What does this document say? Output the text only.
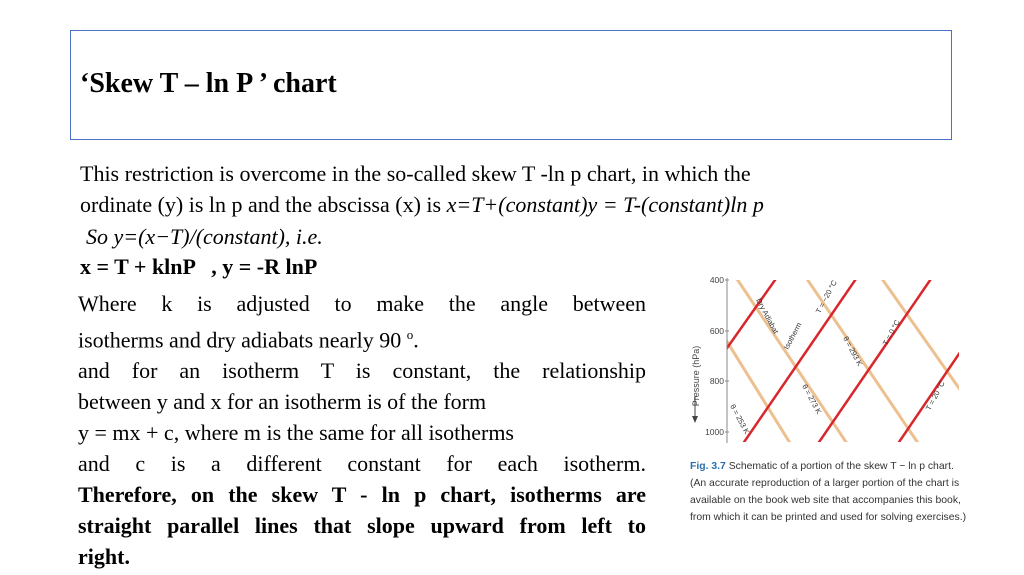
‘Skew T – ln P ’ chart

This restriction is overcome in the so-called skew T -ln p chart, in which the

ordinate (y) is ln p and the abscissa (x) is x=T+(constant)y = T-(constant)ln p

So y=(x−T)/(constant), i.e.

x = T + klnP   , y = -R lnP

Where k is adjusted to make the angle between
isotherms and dry adiabats nearly 90 $^o$.
and for an isotherm T is constant, the relationship
between y and x for an isotherm is of the form
y = mx + c, where m is the same for all isotherms
and c is a different constant for each isotherm.
Therefore, on the skew T - ln p chart, isotherms are
straight parallel lines that slope upward from left to
right.
400
600
800
1000
Pressure (hPa)
Dry Adiabat
Isotherm
T = −20 °C
T = 0 °C
T = 20 °C
θ = 293 K
θ = 273 K
θ = 253 K

Fig. 3.7 Schematic of a portion of the skew T − ln p chart.
(An accurate reproduction of a larger portion of the chart is
available on the book web site that accompanies this book,
from which it can be printed and used for solving exercises.)
